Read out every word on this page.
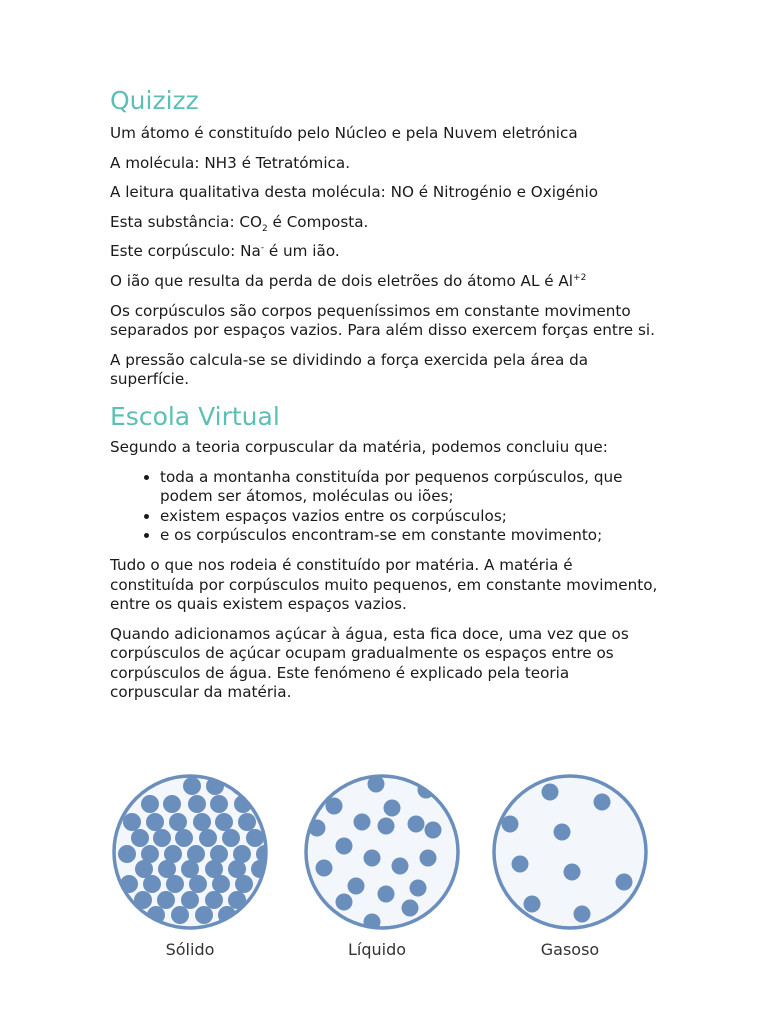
Quizizz

Um átomo é constituído pelo Núcleo e pela Nuvem eletrónica

A molécula: NH3 é Tetratómica.

A leitura qualitativa desta molécula: NO é Nitrogénio e Oxigénio

Esta substância: $CO_2$ é Composta.

Este corpúsculo: Na- é um ião.

O ião que resulta da perda de dois eletrões do átomo AL é $Al^{+2}$

Os corpúsculos são corpos pequeníssimos em constante movimento separados por espaços vazios. Para além disso exercem forças entre si.

A pressão calcula-se se dividindo a força exercida pela área da superfície.

Escola Virtual

Segundo a teoria corpuscular da matéria, podemos concluiu que:

• toda a montanha constituída por pequenos corpúsculos, que podem ser átomos, moléculas ou iões;
• existem espaços vazios entre os corpúsculos;
• e os corpúsculos encontram-se em constante movimento;

Tudo o que nos rodeia é constituído por matéria. A matéria é constituída por corpúsculos muito pequenos, em constante movimento, entre os quais existem espaços vazios.

Quando adicionamos açúcar à água, esta fica doce, uma vez que os corpúsculos de açúcar ocupam gradualmente os espaços entre os corpúsculos de água. Este fenómeno é explicado pela teoria corpuscular da matéria.

Sólido	Líquido	Gasoso
